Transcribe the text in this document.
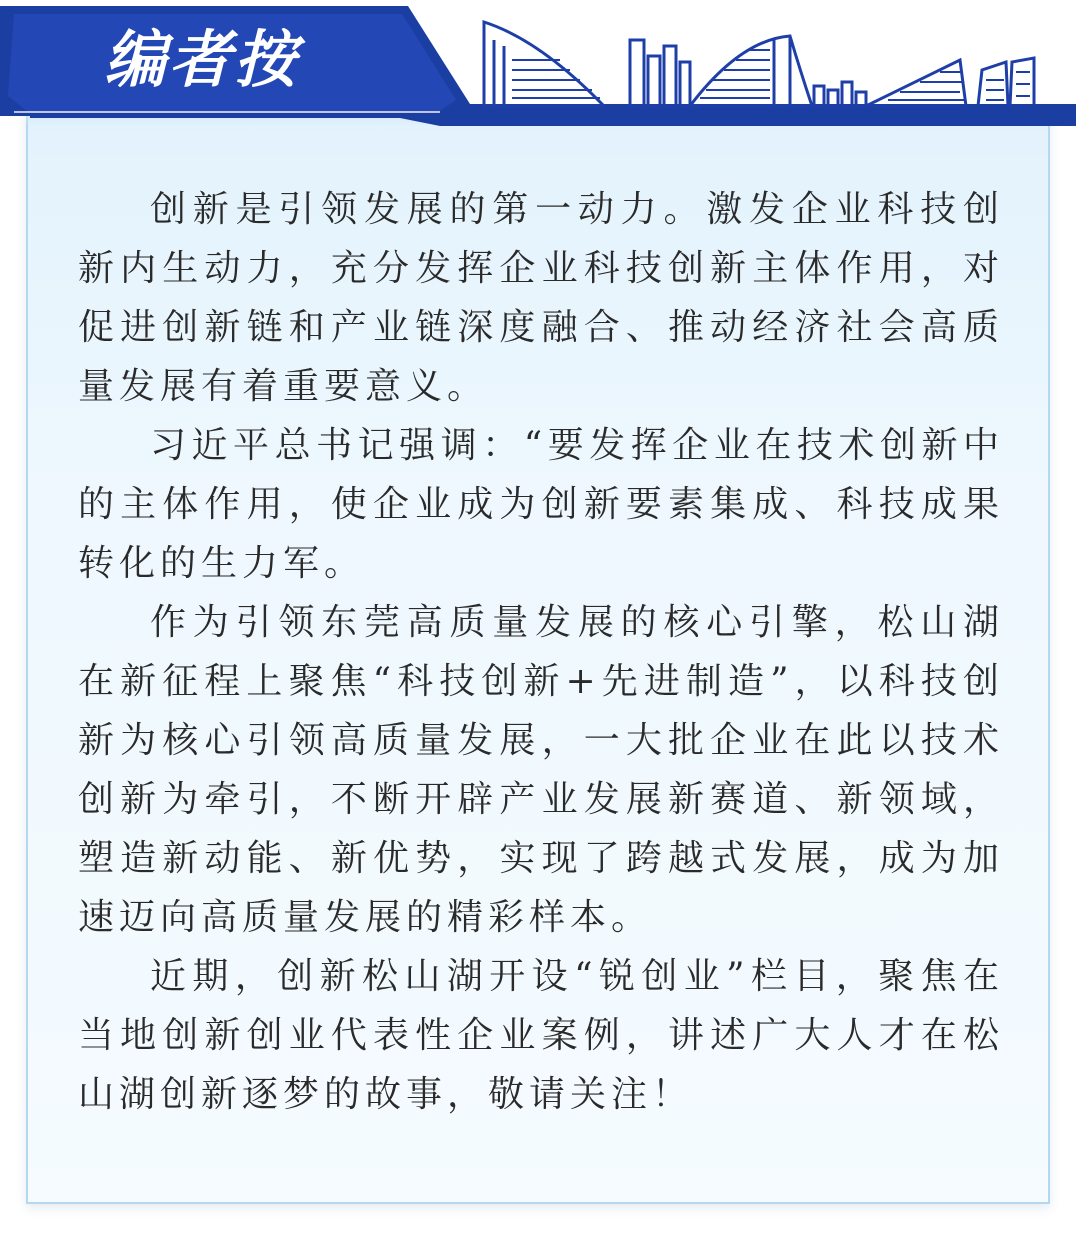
编者按

创新是引领发展的第一动力。激发企业科技创新内生动力，充分发挥企业科技创新主体作用，对促进创新链和产业链深度融合、推动经济社会高质量发展有着重要意义。

习近平总书记强调：“要发挥企业在技术创新中的主体作用，使企业成为创新要素集成、科技成果转化的生力军。

作为引领东莞高质量发展的核心引擎，松山湖在新征程上聚焦“科技创新+先进制造”，以科技创新为核心引领高质量发展，一大批企业在此以技术创新为牵引，不断开辟产业发展新赛道、新领域，塑造新动能、新优势，实现了跨越式发展，成为加速迈向高质量发展的精彩样本。

近期，创新松山湖开设“锐创业”栏目，聚焦在当地创新创业代表性企业案例，讲述广大人才在松山湖创新逐梦的故事，敬请关注！
